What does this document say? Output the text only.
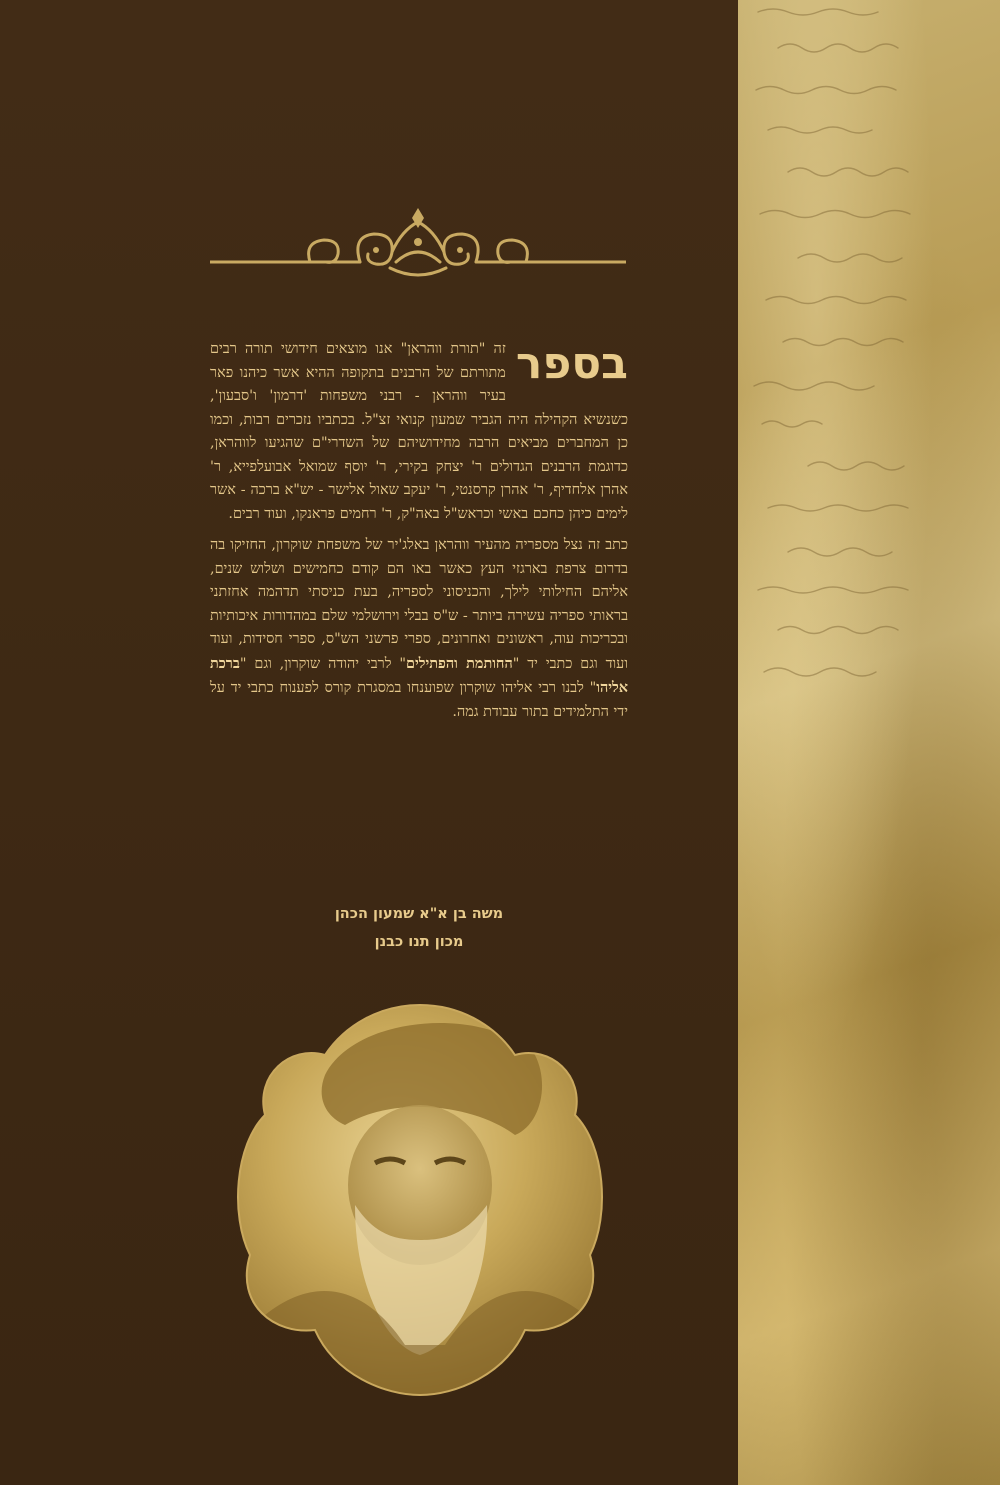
בספר
זה "תורת ווהראן" אנו מוצאים חידושי תורה רבים מתורתם של הרבנים בתקופה ההיא אשר כיהנו פאר בעיר ווהראן - רבני משפחות 'דרמון' ו'סבעון', כשנשיא הקהילה היה הגביר שמעון קנואי זצ"ל. בכתביו נזכרים רבות, וכמו כן המחברים מביאים הרבה מחידושיהם של השדרי"ם שהגיעו לווהראן, כדוגמת הרבנים הגדולים ר' יצחק בקירי, ר' יוסף שמואל אבועלפייא, ר' אהרן אלחדיף, ר' אהרן קרסנטי, ר' יעקב שאול אלישר - יש"א ברכה - אשר לימים כיהן כחכם באשי וכראש"ל באה"ק, ר' רחמים פראנקו, ועוד רבים.

כתב זה נצל מספריה מהעיר ווהראן באלג'יר של משפחת שוקרון, החזיקו בה בדרום צרפת בארגזי העץ כאשר באו הם קודם כחמישים ושלוש שנים, אליהם החילותי לילך, והכניסוני לספריה, בעת כניסתי תדהמה אחזתני בראותי ספריה עשירה ביותר - ש"ס בבלי וירושלמי שלם במהדורות איכותיות ובכריכות עוה, ראשונים ואחרונים, ספרי פרשני הש"ס, ספרי חסידות, ועוד ועוד וגם כתבי יד "החותמת והפתילים" לרבי יהודה שוקרון, וגם "ברכת אליהו" לבנו רבי אליהו שוקרון שפוענחו במסגרת קורס לפענוח כתבי יד על ידי התלמידים בתור עבודת גמה.

משה בן א"א שמעון הכהן
מכון תנו כבנן
